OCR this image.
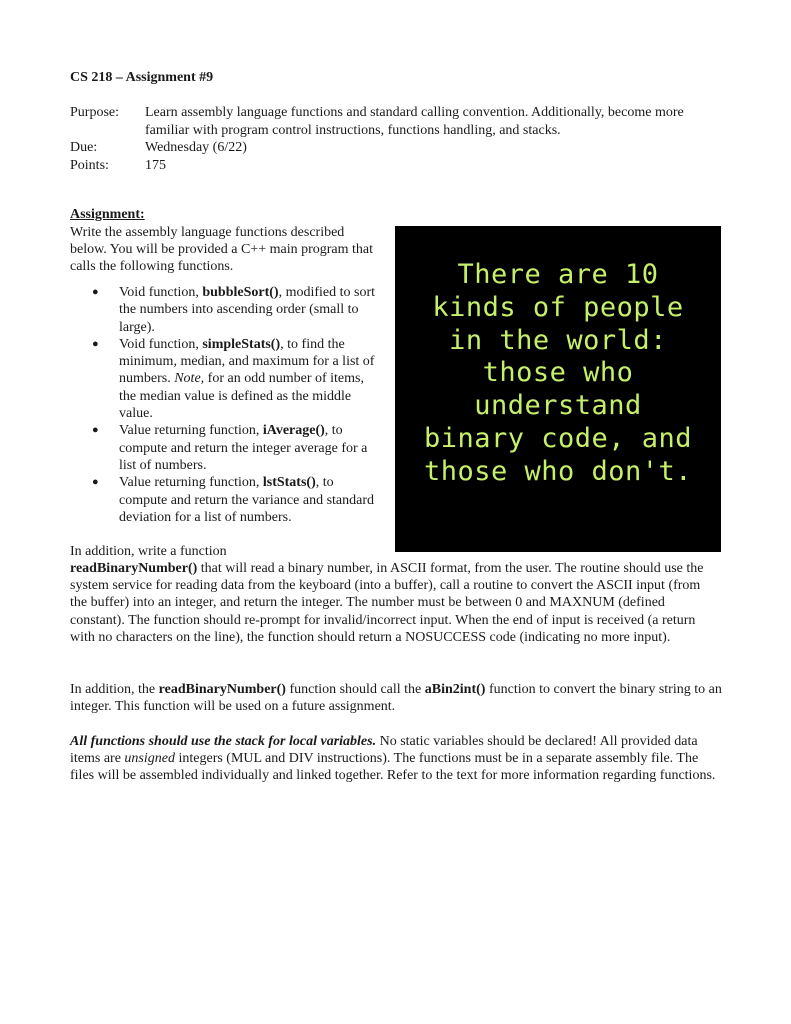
CS 218 – Assignment #9
Purpose:	Learn assembly language functions and standard calling convention. Additionally, become more familiar with program control instructions, functions handling, and stacks.
Due:	Wednesday (6/22)
Points:	175
Assignment:
Write the assembly language functions described below. You will be provided a C++ main program that calls the following functions.
●	Void function, bubbleSort(), modified to sort the numbers into ascending order (small to large).
●	Void function, simpleStats(), to find the minimum, median, and maximum for a list of numbers. Note, for an odd number of items, the median value is defined as the middle value.
●	Value returning function, iAverage(), to compute and return the integer average for a list of numbers.
●	Value returning function, lstStats(), to compute and return the variance and standard deviation for a list of numbers.
There are 10
kinds of people
in the world:
those who
understand
binary code, and
those who don't.
In addition, write a function
readBinaryNumber() that will read a binary number, in ASCII format, from the user. The routine should use the system service for reading data from the keyboard (into a buffer), call a routine to convert the ASCII input (from the buffer) into an integer, and return the integer. The number must be between 0 and MAXNUM (defined constant). The function should re-prompt for invalid/incorrect input. When the end of input is received (a return with no characters on the line), the function should return a NOSUCCESS code (indicating no more input).
In addition, the readBinaryNumber() function should call the aBin2int() function to convert the binary string to an integer. This function will be used on a future assignment.
All functions should use the stack for local variables. No static variables should be declared! All provided data items are unsigned integers (MUL and DIV instructions). The functions must be in a separate assembly file. The files will be assembled individually and linked together. Refer to the text for more information regarding functions.
